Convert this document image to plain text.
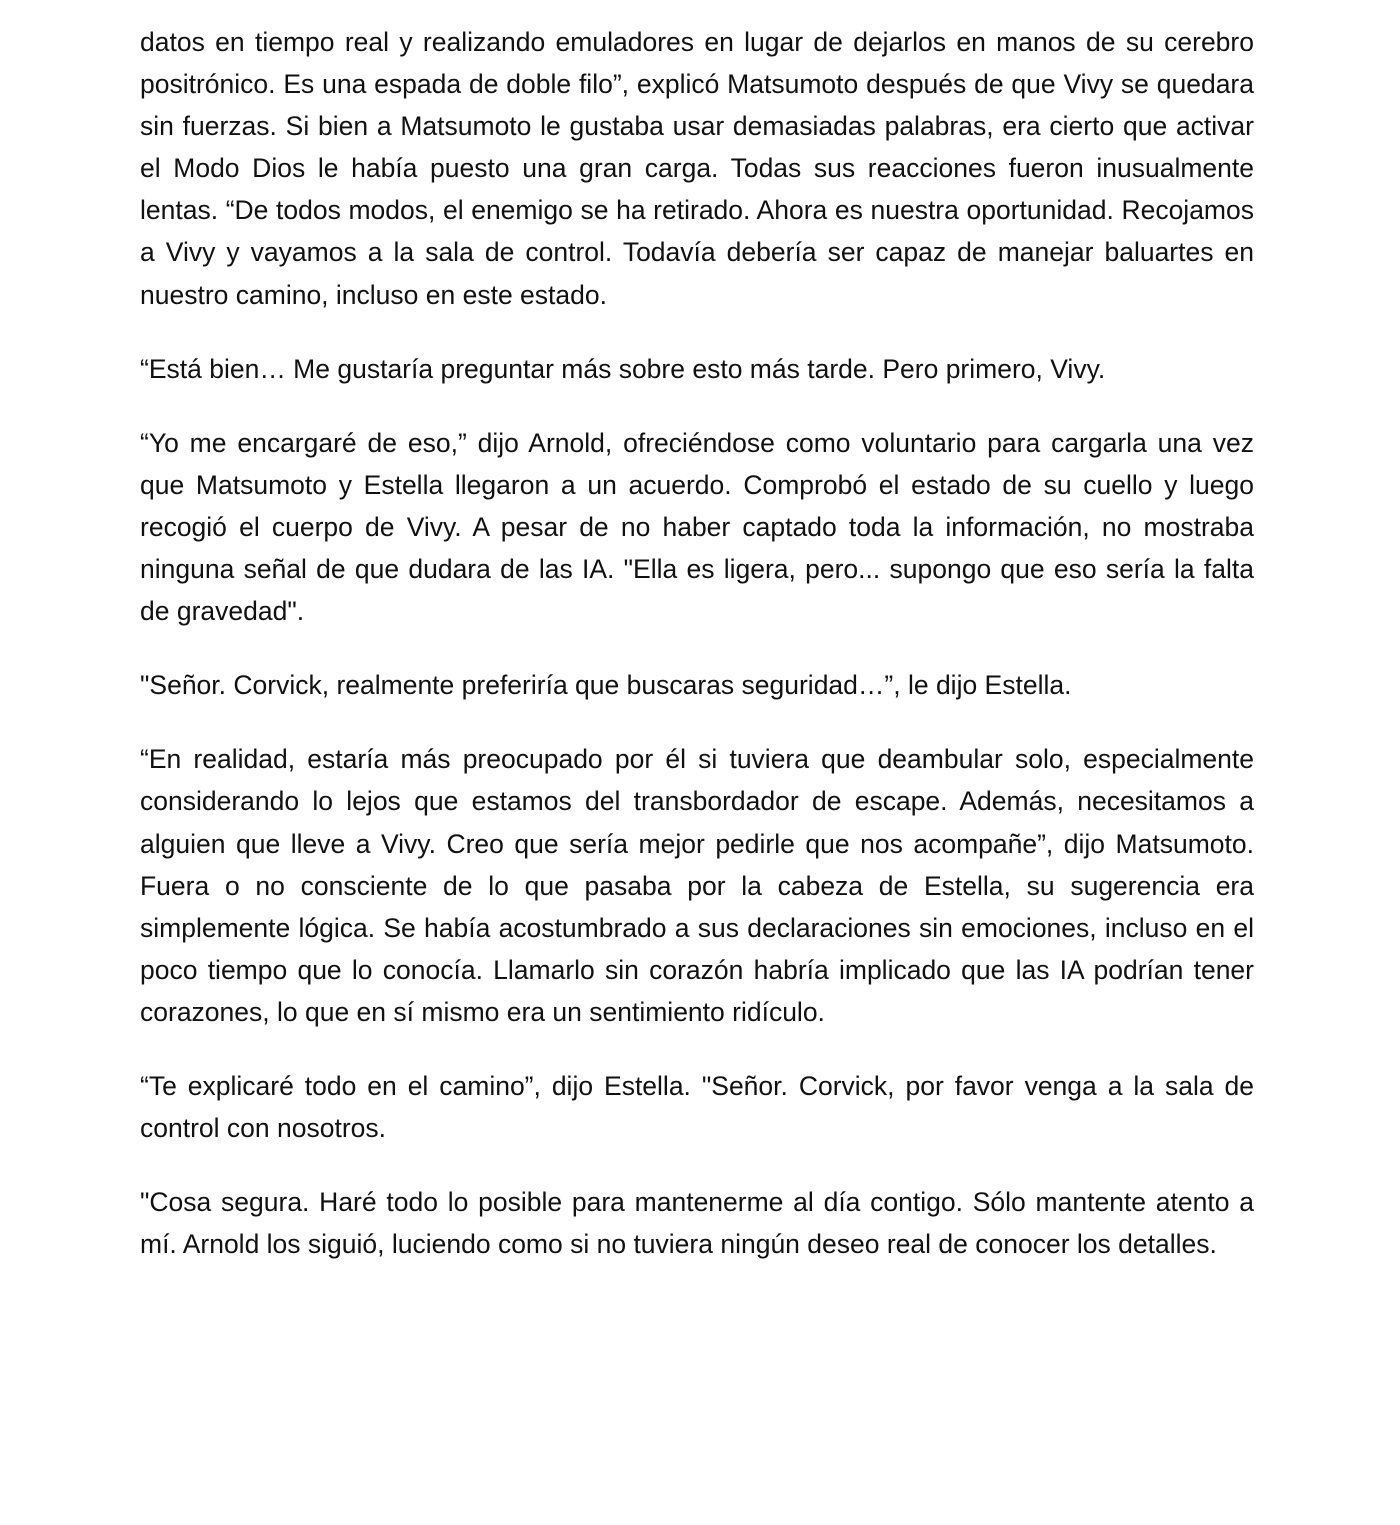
datos en tiempo real y realizando emuladores en lugar de dejarlos en manos de su cerebro positrónico. Es una espada de doble filo”, explicó Matsumoto después de que Vivy se quedara sin fuerzas. Si bien a Matsumoto le gustaba usar demasiadas palabras, era cierto que activar el Modo Dios le había puesto una gran carga. Todas sus reacciones fueron inusualmente lentas. “De todos modos, el enemigo se ha retirado. Ahora es nuestra oportunidad. Recojamos a Vivy y vayamos a la sala de control. Todavía debería ser capaz de manejar baluartes en nuestro camino, incluso en este estado.

“Está bien… Me gustaría preguntar más sobre esto más tarde. Pero primero, Vivy.

“Yo me encargaré de eso,” dijo Arnold, ofreciéndose como voluntario para cargarla una vez que Matsumoto y Estella llegaron a un acuerdo. Comprobó el estado de su cuello y luego recogió el cuerpo de Vivy. A pesar de no haber captado toda la información, no mostraba ninguna señal de que dudara de las IA. "Ella es ligera, pero... supongo que eso sería la falta de gravedad".

"Señor. Corvick, realmente preferiría que buscaras seguridad…”, le dijo Estella.

“En realidad, estaría más preocupado por él si tuviera que deambular solo, especialmente considerando lo lejos que estamos del transbordador de escape. Además, necesitamos a alguien que lleve a Vivy. Creo que sería mejor pedirle que nos acompañe”, dijo Matsumoto. Fuera o no consciente de lo que pasaba por la cabeza de Estella, su sugerencia era simplemente lógica. Se había acostumbrado a sus declaraciones sin emociones, incluso en el poco tiempo que lo conocía. Llamarlo sin corazón habría implicado que las IA podrían tener corazones, lo que en sí mismo era un sentimiento ridículo.

“Te explicaré todo en el camino”, dijo Estella. "Señor. Corvick, por favor venga a la sala de control con nosotros.

"Cosa segura. Haré todo lo posible para mantenerme al día contigo. Sólo mantente atento a mí. Arnold los siguió, luciendo como si no tuviera ningún deseo real de conocer los detalles.
